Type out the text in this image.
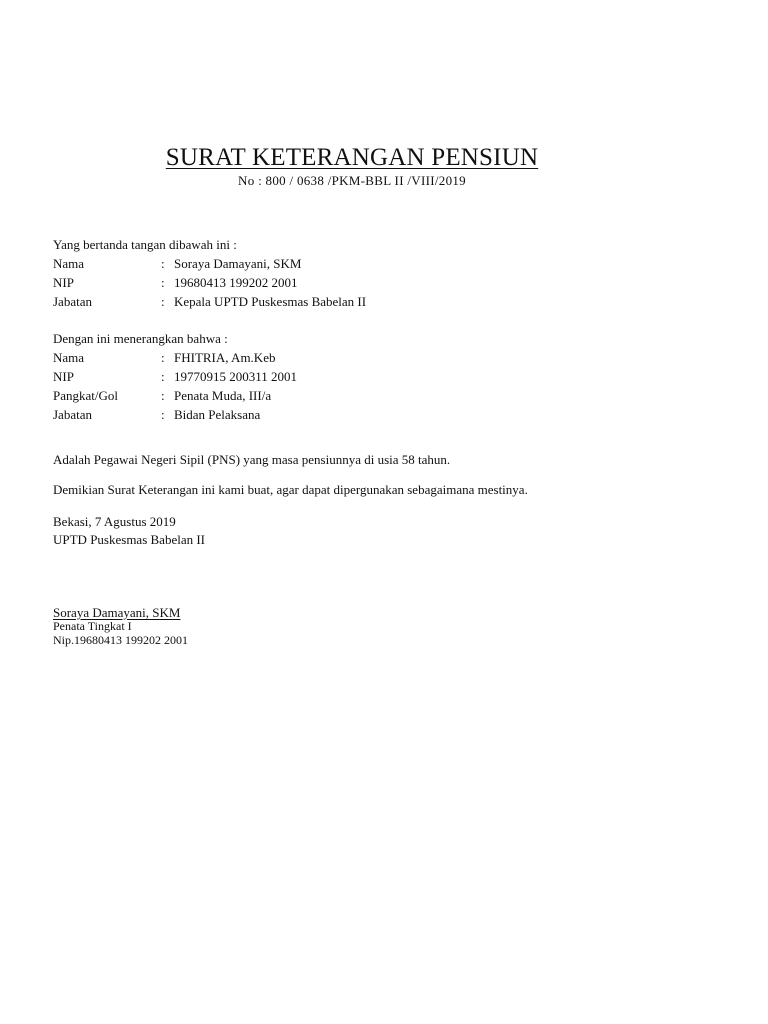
SURAT KETERANGAN PENSIUN
No : 800 / 0638 /PKM-BBL II /VIII/2019
Yang bertanda tangan dibawah ini :
Nama	: Soraya Damayani, SKM
NIP	: 19680413 199202 2001
Jabatan	: Kepala UPTD Puskesmas Babelan II
Dengan ini menerangkan bahwa :
Nama	: FHITRIA, Am.Keb
NIP	: 19770915 200311 2001
Pangkat/Gol	: Penata Muda, III/a
Jabatan	: Bidan Pelaksana
Adalah Pegawai Negeri Sipil (PNS) yang masa pensiunnya di usia 58 tahun.
Demikian Surat Keterangan ini kami buat, agar dapat dipergunakan sebagaimana mestinya.
Bekasi, 7 Agustus 2019
UPTD Puskesmas Babelan II
Soraya Damayani, SKM
Penata Tingkat I
Nip.19680413 199202 2001
